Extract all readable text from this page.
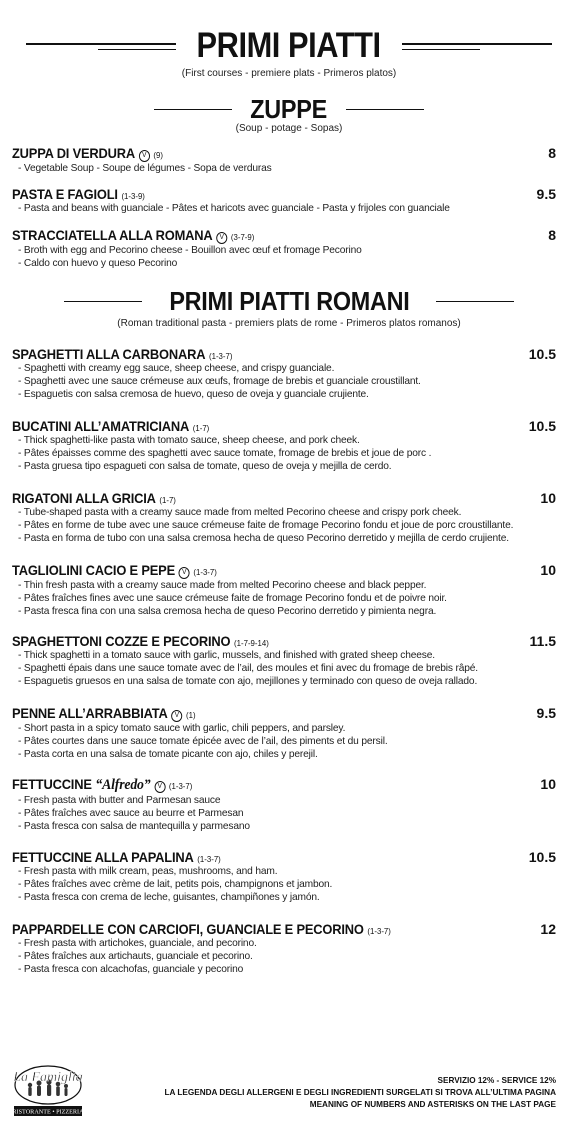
PRIMI PIATTI
(First courses - premiere plats - Primeros platos)
ZUPPE
(Soup - potage - Sopas)
ZUPPA DI VERDURA V (9)	8
- Vegetable Soup - Soupe de légumes - Sopa de verduras
PASTA E FAGIOLI (1-3-9)	9.5
- Pasta and beans with guanciale - Pâtes et haricots avec guanciale - Pasta y frijoles con guanciale
STRACCIATELLA ALLA ROMANA V (3-7-9)	8
- Broth with egg and Pecorino cheese - Bouillon avec œuf et fromage Pecorino
- Caldo con huevo y queso Pecorino
PRIMI PIATTI ROMANI
(Roman traditional pasta - premiers plats de rome - Primeros platos romanos)
SPAGHETTI ALLA CARBONARA (1-3-7)	10.5
- Spaghetti with creamy egg sauce, sheep cheese, and crispy guanciale.
- Spaghetti avec une sauce crémeuse aux œufs, fromage de brebis et guanciale croustillant.
- Espaguetis con salsa cremosa de huevo, queso de oveja y guanciale crujiente.
BUCATINI ALL’AMATRICIANA (1-7)	10.5
- Thick spaghetti-like pasta with tomato sauce, sheep cheese, and pork cheek.
- Pâtes épaisses comme des spaghetti avec sauce tomate, fromage de brebis et joue de porc .
- Pasta gruesa tipo espagueti con salsa de tomate, queso de oveja y mejilla de cerdo.
RIGATONI ALLA GRICIA (1-7)	10
- Tube-shaped pasta with a creamy sauce made from melted Pecorino cheese and crispy pork cheek.
- Pâtes en forme de tube avec une sauce crémeuse faite de fromage Pecorino fondu et joue de porc croustillante.
- Pasta en forma de tubo con una salsa cremosa hecha de queso Pecorino derretido y mejilla de cerdo crujiente.
TAGLIOLINI CACIO E PEPE V (1-3-7)	10
- Thin fresh pasta with a creamy sauce made from melted Pecorino cheese and black pepper.
- Pâtes fraîches fines avec une sauce crémeuse faite de fromage Pecorino fondu et de poivre noir.
- Pasta fresca fina con una salsa cremosa hecha de queso Pecorino derretido y pimienta negra.
SPAGHETTONI COZZE E PECORINO (1-7-9-14)	11.5
- Thick spaghetti in a tomato sauce with garlic, mussels, and finished with grated sheep cheese.
- Spaghetti épais dans une sauce tomate avec de l’ail, des moules et fini avec du fromage de brebis râpé.
- Espaguetis gruesos en una salsa de tomate con ajo, mejillones y terminado con queso de oveja rallado.
PENNE ALL’ARRABBIATA V (1)	9.5
- Short pasta in a spicy tomato sauce with garlic, chili peppers, and parsley.
- Pâtes courtes dans une sauce tomate épicée avec de l’ail, des piments et du persil.
- Pasta corta en una salsa de tomate picante con ajo, chiles y perejil.
FETTUCCINE “Alfredo” V (1-3-7)	10
- Fresh pasta with butter and Parmesan sauce
- Pâtes fraîches avec sauce au beurre et Parmesan
- Pasta fresca con salsa de mantequilla y parmesano
FETTUCCINE ALLA PAPALINA (1-3-7)	10.5
- Fresh pasta with milk cream, peas, mushrooms, and ham.
- Pâtes fraîches avec crème de lait, petits pois, champignons et jambon.
- Pasta fresca con crema de leche, guisantes, champiñones y jamón.
PAPPARDELLE CON CARCIOFI, GUANCIALE E PECORINO (1-3-7)	12
- Fresh pasta with artichokes, guanciale, and pecorino.
- Pâtes fraîches aux artichauts, guanciale et pecorino.
- Pasta fresca con alcachofas, guanciale y pecorino
La Famiglia
RISTORANTE • PIZZERIA
SERVIZIO 12% - SERVICE 12%
LA LEGENDA DEGLI ALLERGENI E DEGLI INGREDIENTI SURGELATI SI TROVA ALL’ULTIMA PAGINA
MEANING OF NUMBERS AND ASTERISKS ON THE LAST PAGE
